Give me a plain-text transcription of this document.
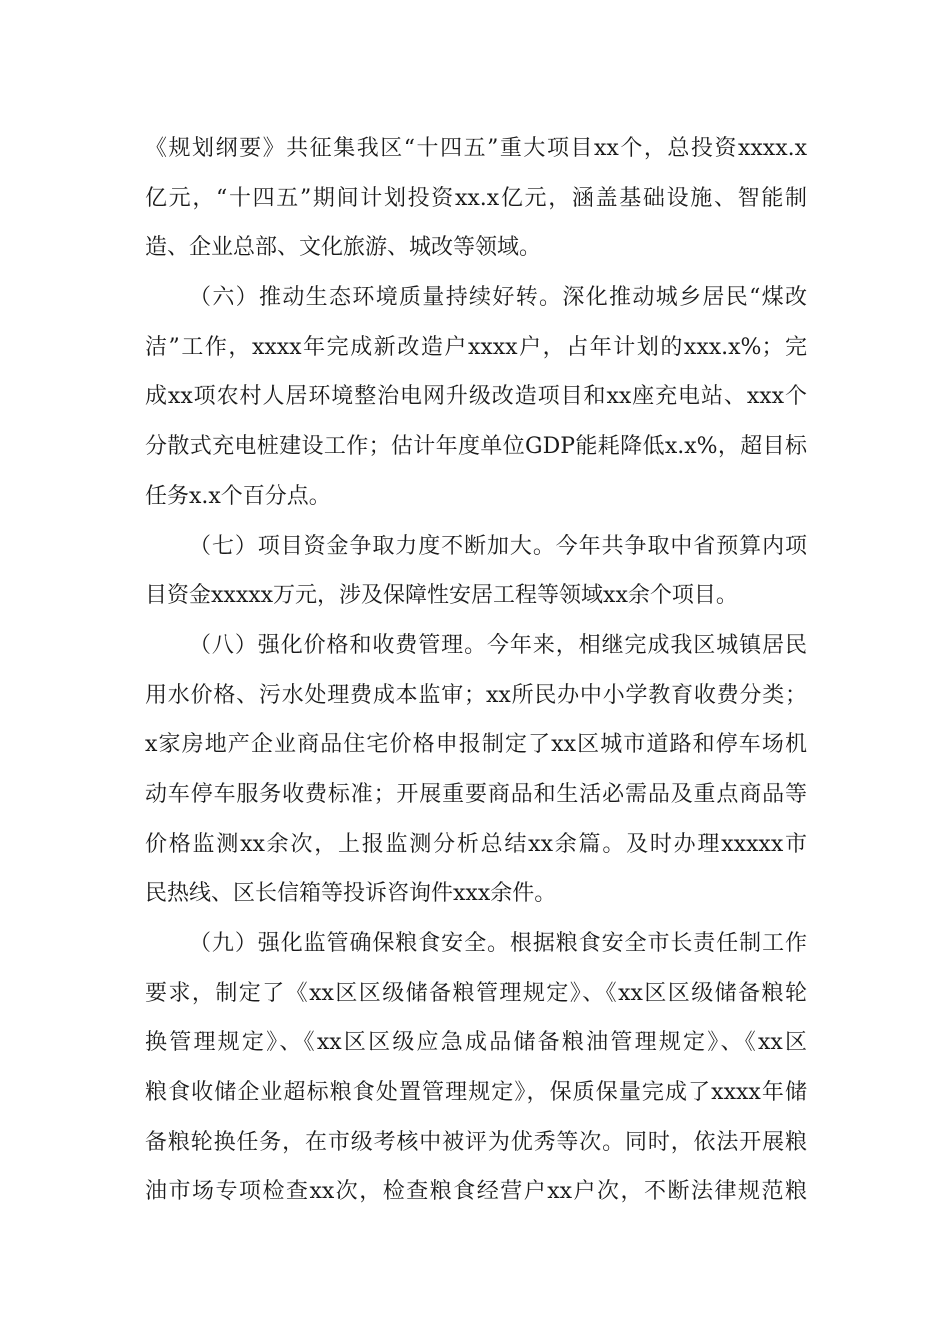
《规划纲要》共征集我区“十四五”重大项目xx个，总投资xxxx.x
亿元，“十四五”期间计划投资xx.x亿元，涵盖基础设施、智能制
造、企业总部、文化旅游、城改等领域。
（六）推动生态环境质量持续好转。深化推动城乡居民“煤改
洁”工作，xxxx年完成新改造户xxxx户，占年计划的xxx.x%；完
成xx项农村人居环境整治电网升级改造项目和xx座充电站、xxx个
分散式充电桩建设工作；估计年度单位GDP能耗降低x.x%，超目标
任务x.x个百分点。
（七）项目资金争取力度不断加大。今年共争取中省预算内项
目资金xxxxx万元，涉及保障性安居工程等领域xx余个项目。
（八）强化价格和收费管理。今年来，相继完成我区城镇居民
用水价格、污水处理费成本监审；xx所民办中小学教育收费分类；
x家房地产企业商品住宅价格申报制定了xx区城市道路和停车场机
动车停车服务收费标准；开展重要商品和生活必需品及重点商品等
价格监测xx余次，上报监测分析总结xx余篇。及时办理xxxxx市
民热线、区长信箱等投诉咨询件xxx余件。
（九）强化监管确保粮食安全。根据粮食安全市长责任制工作
要求，制定了《xx区区级储备粮管理规定》、《xx区区级储备粮轮
换管理规定》、《xx区区级应急成品储备粮油管理规定》、《xx区
粮食收储企业超标粮食处置管理规定》，保质保量完成了xxxx年储
备粮轮换任务，在市级考核中被评为优秀等次。同时，依法开展粮
油市场专项检查xx次，检查粮食经营户xx户次，不断法律规范粮
